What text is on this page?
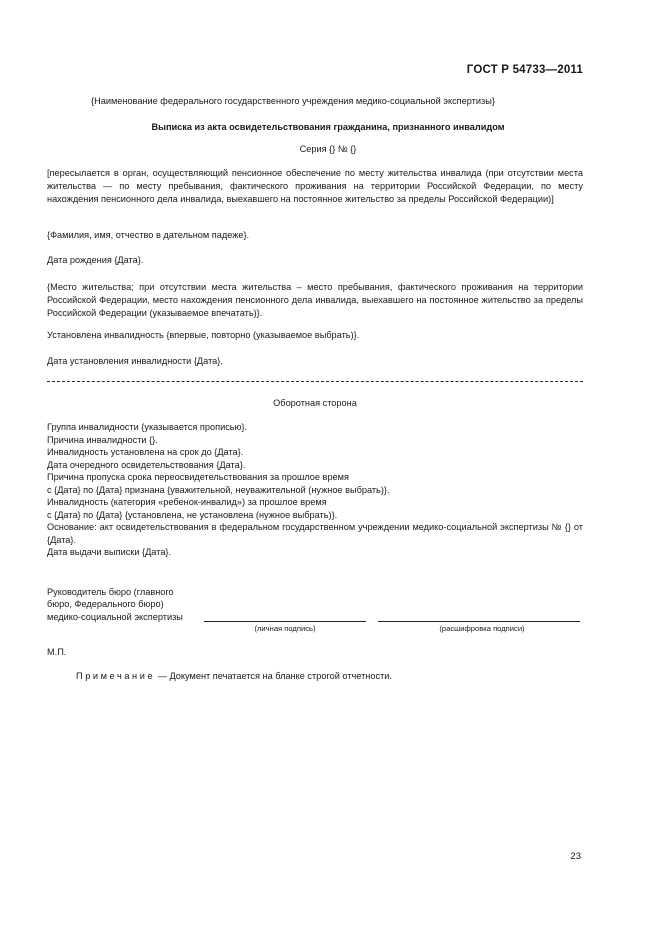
ГОСТ Р 54733—2011
{Наименование федерального государственного учреждения медико-социальной экспертизы}
Выписка из акта освидетельствования гражданина, признанного инвалидом
Серия {} № {}
[пересылается в орган, осуществляющий пенсионное обеспечение по месту жительства инвалида (при отсутствии места жительства — по месту пребывания, фактического проживания на территории Российской Федерации, по месту нахождения пенсионного дела инвалида, выехавшего на постоянное жительство за пределы Российской Федерации)]
{Фамилия, имя, отчество в дательном падеже}.
Дата рождения {Дата}.
{Место жительства; при отсутствии места жительства – место пребывания, фактического проживания на территории Российской Федерации, место нахождения пенсионного дела инвалида, выехавшего на постоянное жительство за пределы Российской Федерации (указываемое впечатать)}.
Установлена инвалидность {впервые, повторно (указываемое выбрать)}.
Дата установления инвалидности {Дата}.
Оборотная сторона
Группа инвалидности {указывается прописью}.
Причина инвалидности {}.
Инвалидность установлена на срок до {Дата}.
Дата очередного освидетельствования {Дата}.
Причина пропуска срока переосвидетельствования за прошлое время
с {Дата} по {Дата} признана {уважительной, неуважительной (нужное выбрать)}.
Инвалидность (категория «ребенок-инвалид») за прошлое время
с {Дата} по {Дата} {установлена, не установлена (нужное выбрать)}.
Основание: акт освидетельствования в федеральном государственном учреждении медико-социальной экспертизы № {} от {Дата}.
Дата выдачи выписки {Дата}.
Руководитель бюро (главного
бюро, Федерального бюро)
медико-социальной экспертизы
(личная подпись)	(расшифровка подписи)
М.П.
Примечание — Документ печатается на бланке строгой отчетности.
23
